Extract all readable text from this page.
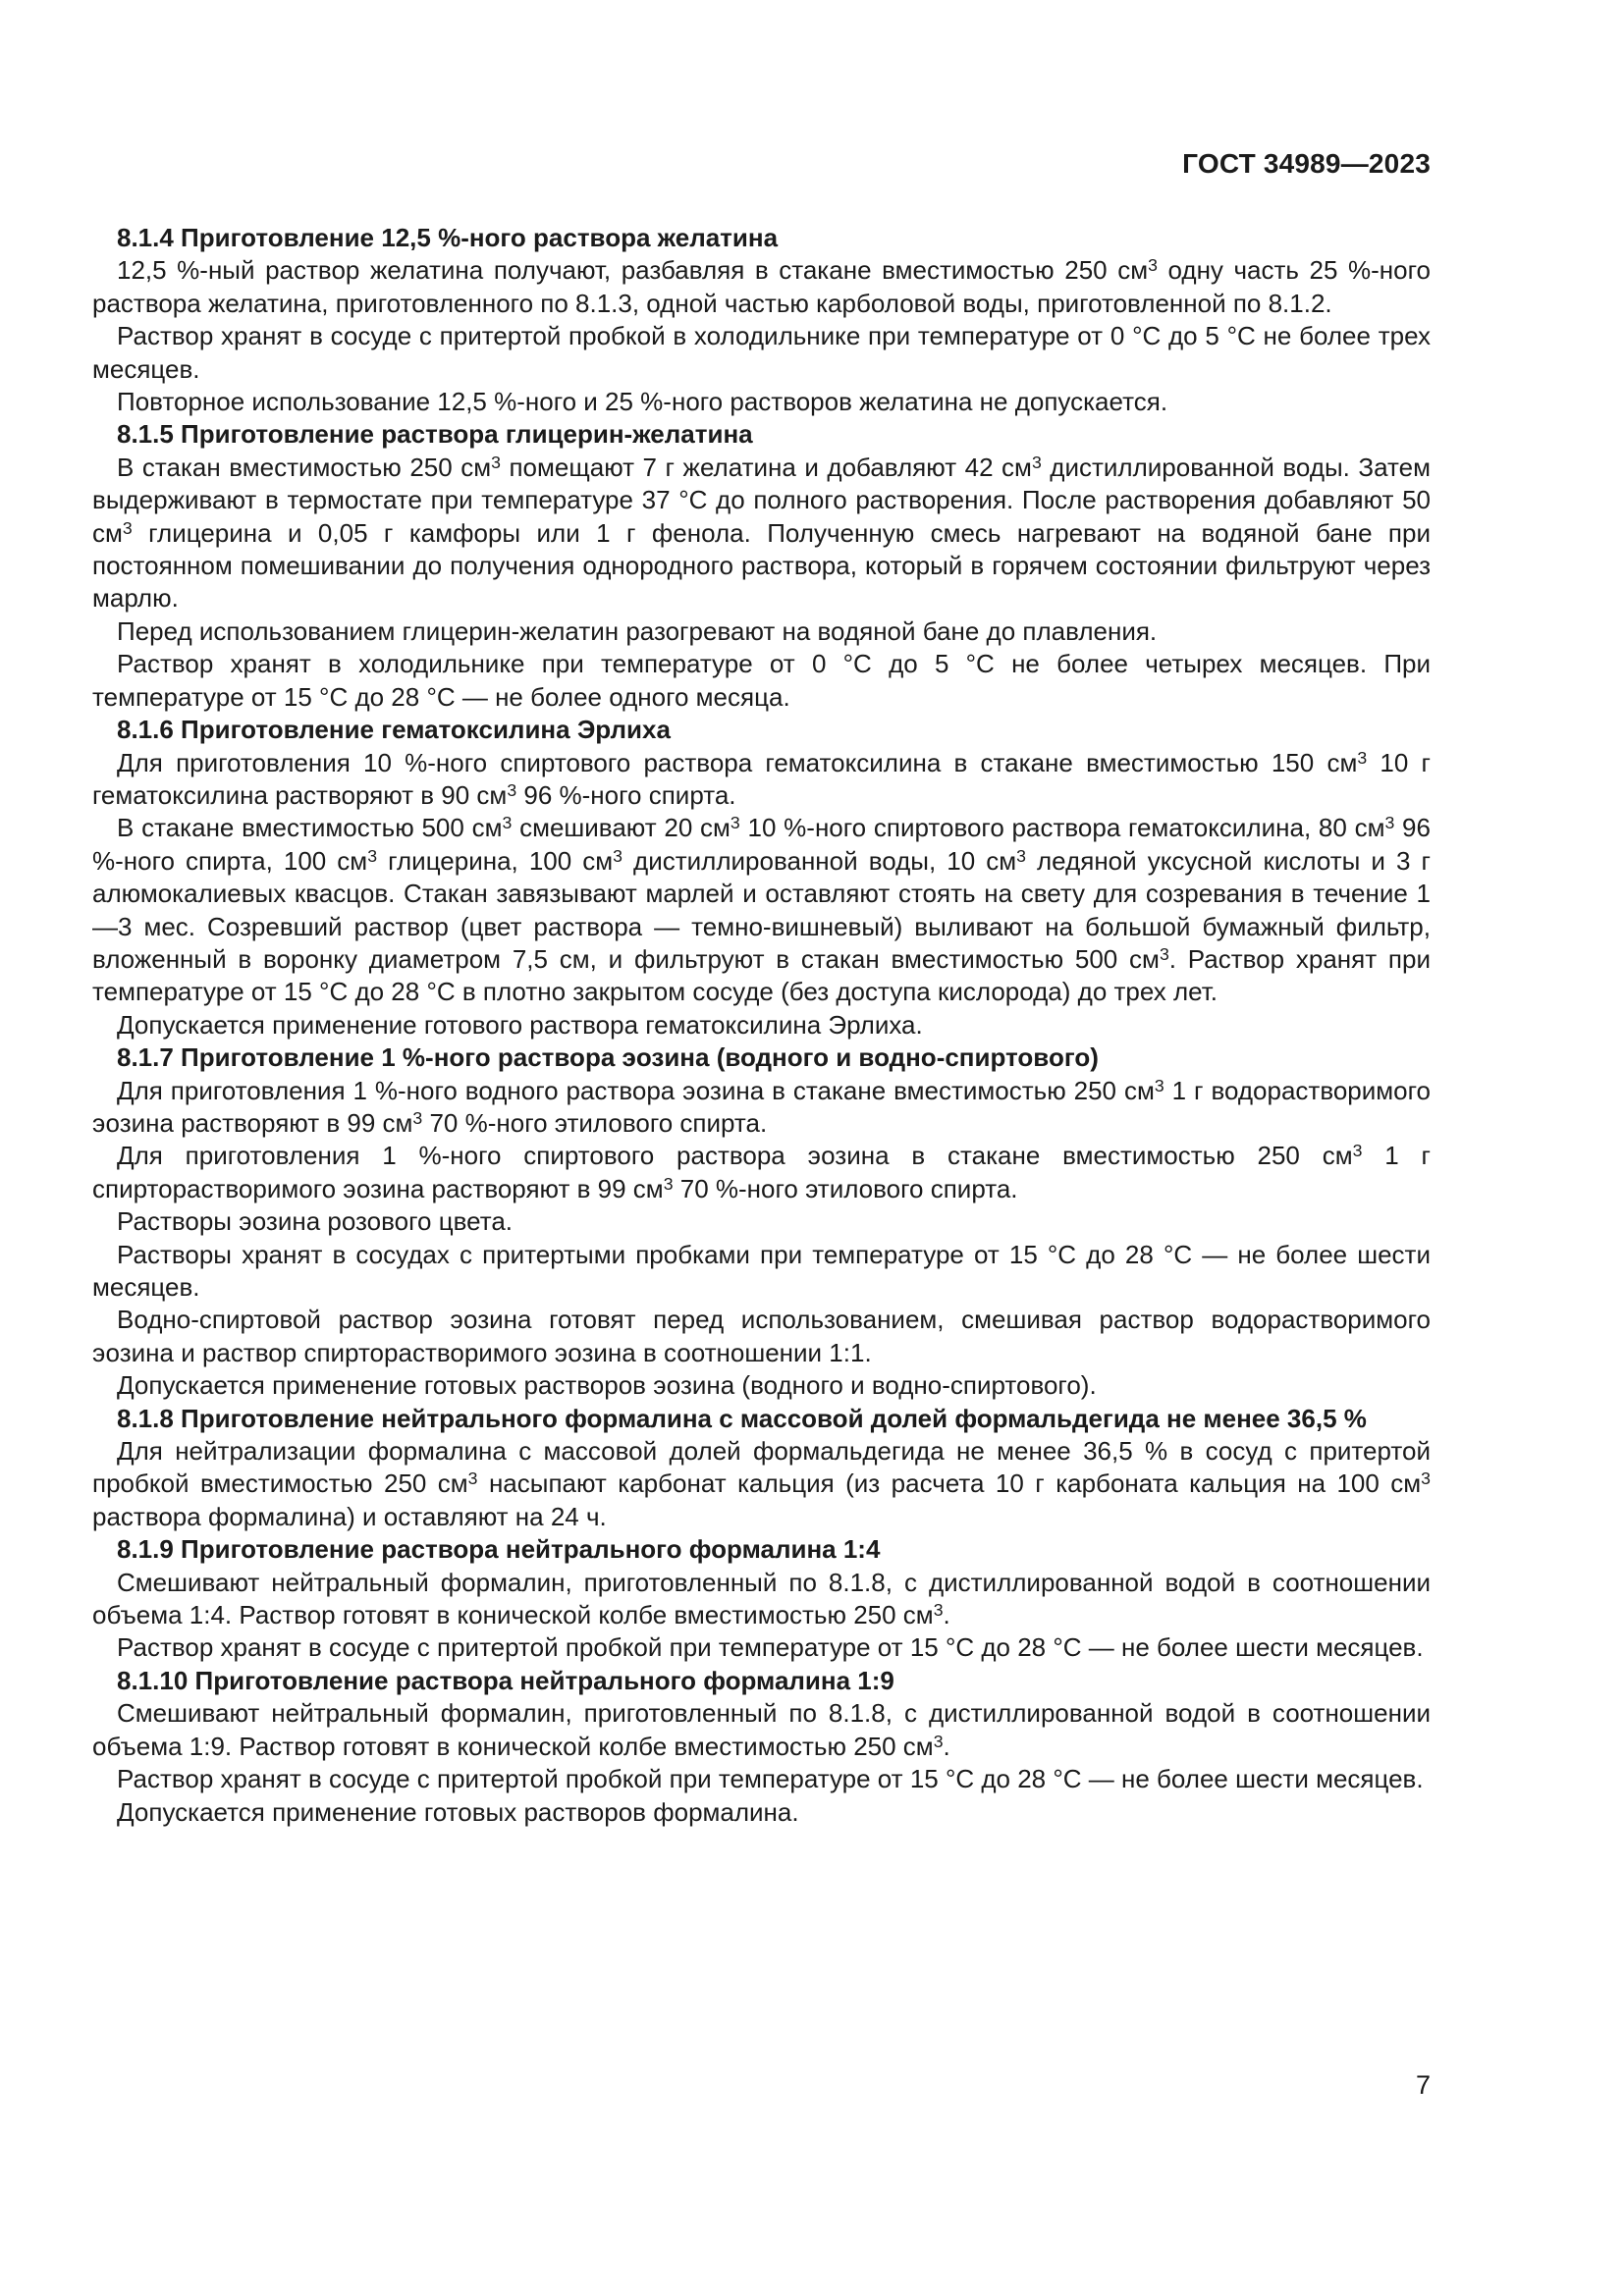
ГОСТ 34989—2023
8.1.4 Приготовление 12,5 %-ного раствора желатина
12,5 %-ный раствор желатина получают, разбавляя в стакане вместимостью 250 $см^3$ одну часть 25 %-ного раствора желатина, приготовленного по 8.1.3, одной частью карболовой воды, приготовленной по 8.1.2.
Раствор хранят в сосуде с притертой пробкой в холодильнике при температуре от 0 °С до 5 °С не более трех месяцев.
Повторное использование 12,5 %-ного и 25 %-ного растворов желатина не допускается.
8.1.5 Приготовление раствора глицерин-желатина
В стакан вместимостью 250 $см^3$ помещают 7 г желатина и добавляют 42 $см^3$ дистиллированной воды. Затем выдерживают в термостате при температуре 37 °С до полного растворения. После растворения добавляют 50 $см^3$ глицерина и 0,05 г камфоры или 1 г фенола. Полученную смесь нагревают на водяной бане при постоянном помешивании до получения однородного раствора, который в горячем состоянии фильтруют через марлю.
Перед использованием глицерин-желатин разогревают на водяной бане до плавления.
Раствор хранят в холодильнике при температуре от 0 °С до 5 °С не более четырех месяцев. При температуре от 15 °С до 28 °С — не более одного месяца.
8.1.6 Приготовление гематоксилина Эрлиха
Для приготовления 10 %-ного спиртового раствора гематоксилина в стакане вместимостью 150 $см^3$ 10 г гематоксилина растворяют в 90 $см^3$ 96 %-ного спирта.
В стакане вместимостью 500 $см^3$ смешивают 20 $см^3$ 10 %-ного спиртового раствора гематоксилина, 80 $см^3$ 96 %-ного спирта, 100 $см^3$ глицерина, 100 $см^3$ дистиллированной воды, 10 $см^3$ ледяной уксусной кислоты и 3 г алюмокалиевых квасцов. Стакан завязывают марлей и оставляют стоять на свету для созревания в течение 1—3 мес. Созревший раствор (цвет раствора — темно-вишневый) выливают на большой бумажный фильтр, вложенный в воронку диаметром 7,5 см, и фильтруют в стакан вместимостью 500 $см^3$. Раствор хранят при температуре от 15 °С до 28 °С в плотно закрытом сосуде (без доступа кислорода) до трех лет.
Допускается применение готового раствора гематоксилина Эрлиха.
8.1.7 Приготовление 1 %-ного раствора эозина (водного и водно-спиртового)
Для приготовления 1 %-ного водного раствора эозина в стакане вместимостью 250 $см^3$ 1 г водорастворимого эозина растворяют в 99 $см^3$ 70 %-ного этилового спирта.
Для приготовления 1 %-ного спиртового раствора эозина в стакане вместимостью 250 $см^3$ 1 г спирторастворимого эозина растворяют в 99 $см^3$ 70 %-ного этилового спирта.
Растворы эозина розового цвета.
Растворы хранят в сосудах с притертыми пробками при температуре от 15 °С до 28 °С — не более шести месяцев.
Водно-спиртовой раствор эозина готовят перед использованием, смешивая раствор водорастворимого эозина и раствор спирторастворимого эозина в соотношении 1:1.
Допускается применение готовых растворов эозина (водного и водно-спиртового).
8.1.8 Приготовление нейтрального формалина с массовой долей формальдегида не менее 36,5 %
Для нейтрализации формалина с массовой долей формальдегида не менее 36,5 % в сосуд с притертой пробкой вместимостью 250 $см^3$ насыпают карбонат кальция (из расчета 10 г карбоната кальция на 100 $см^3$ раствора формалина) и оставляют на 24 ч.
8.1.9 Приготовление раствора нейтрального формалина 1:4
Смешивают нейтральный формалин, приготовленный по 8.1.8, с дистиллированной водой в соотношении объема 1:4. Раствор готовят в конической колбе вместимостью 250 $см^3$.
Раствор хранят в сосуде с притертой пробкой при температуре от 15 °С до 28 °С — не более шести месяцев.
8.1.10 Приготовление раствора нейтрального формалина 1:9
Смешивают нейтральный формалин, приготовленный по 8.1.8, с дистиллированной водой в соотношении объема 1:9. Раствор готовят в конической колбе вместимостью 250 $см^3$.
Раствор хранят в сосуде с притертой пробкой при температуре от 15 °С до 28 °С — не более шести месяцев.
Допускается применение готовых растворов формалина.
7
